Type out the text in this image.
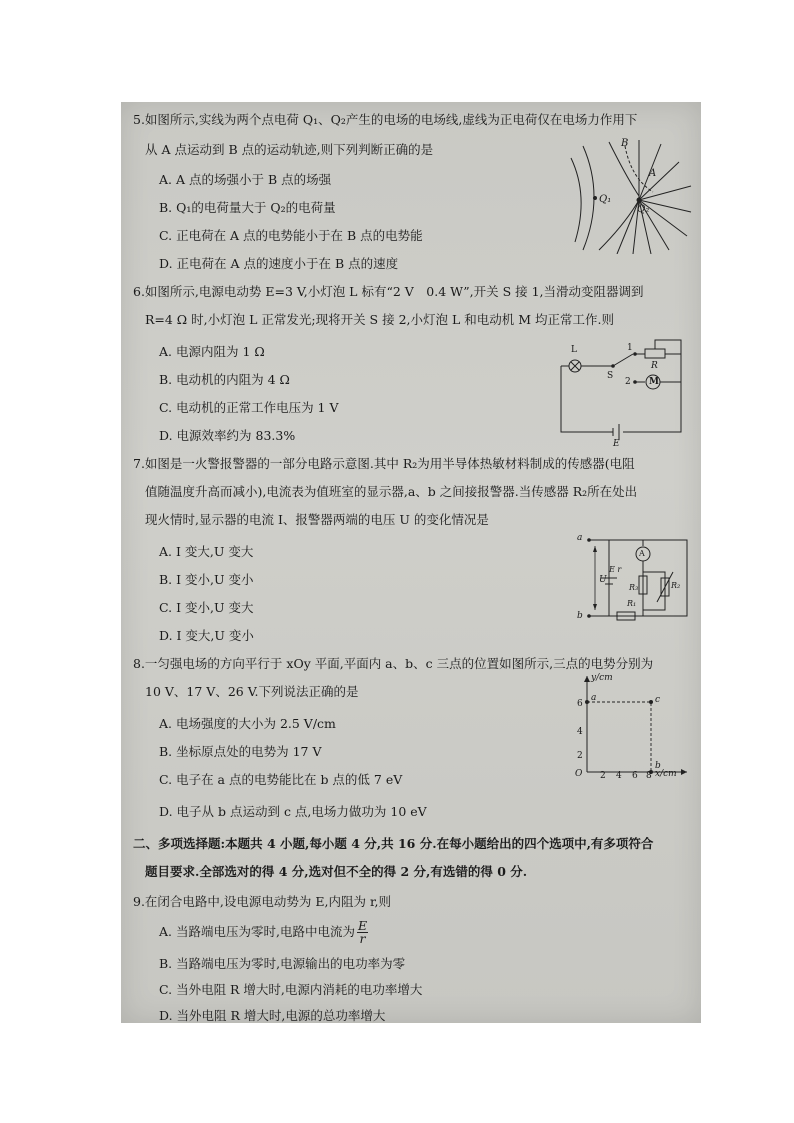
5.如图所示,实线为两个点电荷 Q₁、Q₂产生的电场的电场线,虚线为正电荷仅在电场力作用下
从 A 点运动到 B 点的运动轨迹,则下列判断正确的是
A. A 点的场强小于 B 点的场强
B. Q₁的电荷量大于 Q₂的电荷量
C. 正电荷在 A 点的电势能小于在 B 点的电势能
D. 正电荷在 A 点的速度小于在 B 点的速度
B
A
Q₁
Q₂
6.如图所示,电源电动势 E=3 V,小灯泡 L 标有“2 V　0.4 W”,开关 S 接 1,当滑动变阻器调到
R=4 Ω 时,小灯泡 L 正常发光;现将开关 S 接 2,小灯泡 L 和电动机 M 均正常工作.则
A. 电源内阻为 1 Ω
B. 电动机的内阻为 4 Ω
C. 电动机的正常工作电压为 1 V
D. 电源效率约为 83.3%
L
S
1
2
R
M
E
7.如图是一火警报警器的一部分电路示意图.其中 R₂为用半导体热敏材料制成的传感器(电阻
值随温度升高而减小),电流表为值班室的显示器,a、b 之间接报警器.当传感器 R₂所在处出
现火情时,显示器的电流 I、报警器两端的电压 U 的变化情况是
A. I 变大,U 变大
B. I 变小,U 变小
C. I 变小,U 变大
D. I 变大,U 变小
a
b
U
E r
A
R₁
R₂
R₃
8.一匀强电场的方向平行于 xOy 平面,平面内 a、b、c 三点的位置如图所示,三点的电势分别为
10 V、17 V、26 V.下列说法正确的是
A. 电场强度的大小为 2.5 V/cm
B. 坐标原点处的电势为 17 V
C. 电子在 a 点的电势能比在 b 点的低 7 eV
D. 电子从 b 点运动到 c 点,电场力做功为 10 eV
y/cm
x/cm
O
a
b
c
2
4
6
2 4 6 8
二、多项选择题:本题共 4 小题,每小题 4 分,共 16 分.在每小题给出的四个选项中,有多项符合
题目要求.全部选对的得 4 分,选对但不全的得 2 分,有选错的得 0 分.
9.在闭合电路中,设电源电动势为 E,内阻为 r,则
A. 当路端电压为零时,电路中电流为 $\frac{E}{r}$
B. 当路端电压为零时,电源输出的电功率为零
C. 当外电阻 R 增大时,电源内消耗的电功率增大
D. 当外电阻 R 增大时,电源的总功率增大
